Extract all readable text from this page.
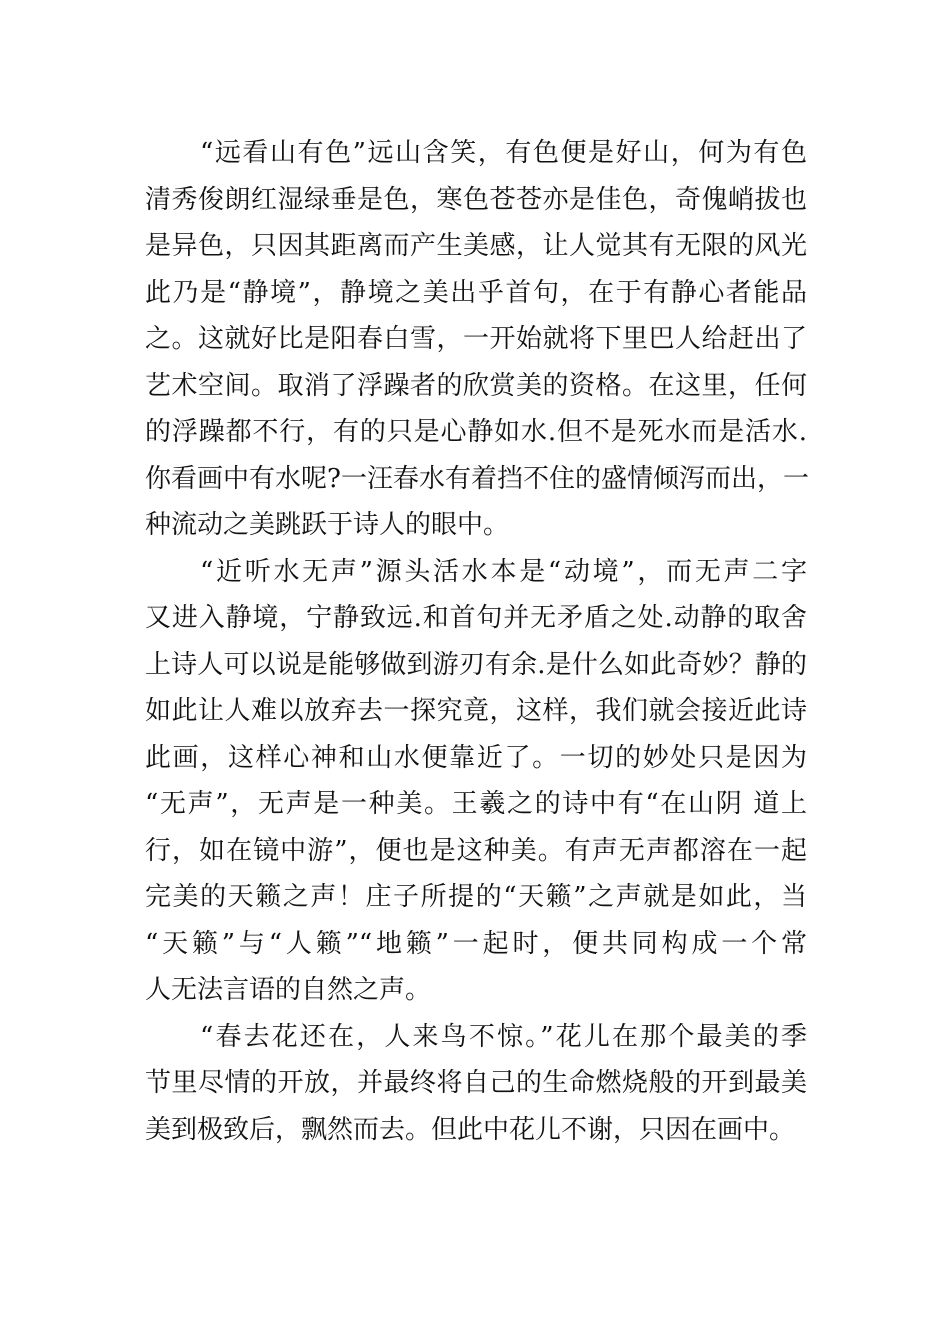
“远看山有色”远山含笑，有色便是好山，何为有色
清秀俊朗红湿绿垂是色，寒色苍苍亦是佳色，奇傀峭拔也
是异色，只因其距离而产生美感，让人觉其有无限的风光
此乃是“静境”，静境之美出乎首句，在于有静心者能品
之。这就好比是阳春白雪，一开始就将下里巴人给赶出了
艺术空间。取消了浮躁者的欣赏美的资格。在这里，任何
的浮躁都不行，有的只是心静如水.但不是死水而是活水.
你看画中有水呢?一汪春水有着挡不住的盛情倾泻而出，一
种流动之美跳跃于诗人的眼中。
“近听水无声”源头活水本是“动境”，而无声二字
又进入静境，宁静致远.和首句并无矛盾之处.动静的取舍
上诗人可以说是能够做到游刃有余.是什么如此奇妙？静的
如此让人难以放弃去一探究竟，这样，我们就会接近此诗
此画，这样心神和山水便靠近了。一切的妙处只是因为
“无声”，无声是一种美。王羲之的诗中有“在山阴 道上
行，如在镜中游”，便也是这种美。有声无声都溶在一起
完美的天籁之声！庄子所提的“天籁”之声就是如此，当
“天籁”与“人籁”“地籁”一起时，便共同构成一个常
人无法言语的自然之声。
“春去花还在，人来鸟不惊。”花儿在那个最美的季
节里尽情的开放，并最终将自己的生命燃烧般的开到最美
美到极致后，飘然而去。但此中花儿不谢，只因在画中。
